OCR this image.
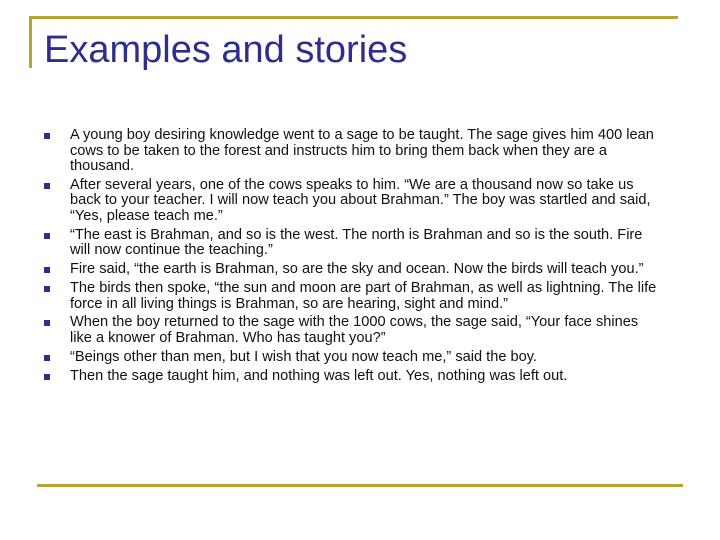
Examples and stories
A young boy desiring knowledge went to a sage to be taught. The sage gives him 400 lean cows to be taken to the forest and instructs him to bring them back when they are a thousand.
After several years, one of the cows speaks to him. “We are a thousand now so take us back to your teacher. I will now teach you about Brahman.” The boy was startled and said, “Yes, please teach me.”
“The east is Brahman, and so is the west. The north is Brahman and so is the south. Fire will now continue the teaching.”
Fire said, “the earth is Brahman, so are the sky and ocean. Now the birds will teach you.”
The birds then spoke, “the sun and moon are part of Brahman, as well as lightning. The life force in all living things is Brahman, so are hearing, sight and mind.”
When the boy returned to the sage with the 1000 cows, the sage said, “Your face shines like a knower of Brahman. Who has taught you?”
“Beings other than men, but I wish that you now teach me,” said the boy.
Then the sage taught him, and nothing was left out. Yes, nothing was left out.
